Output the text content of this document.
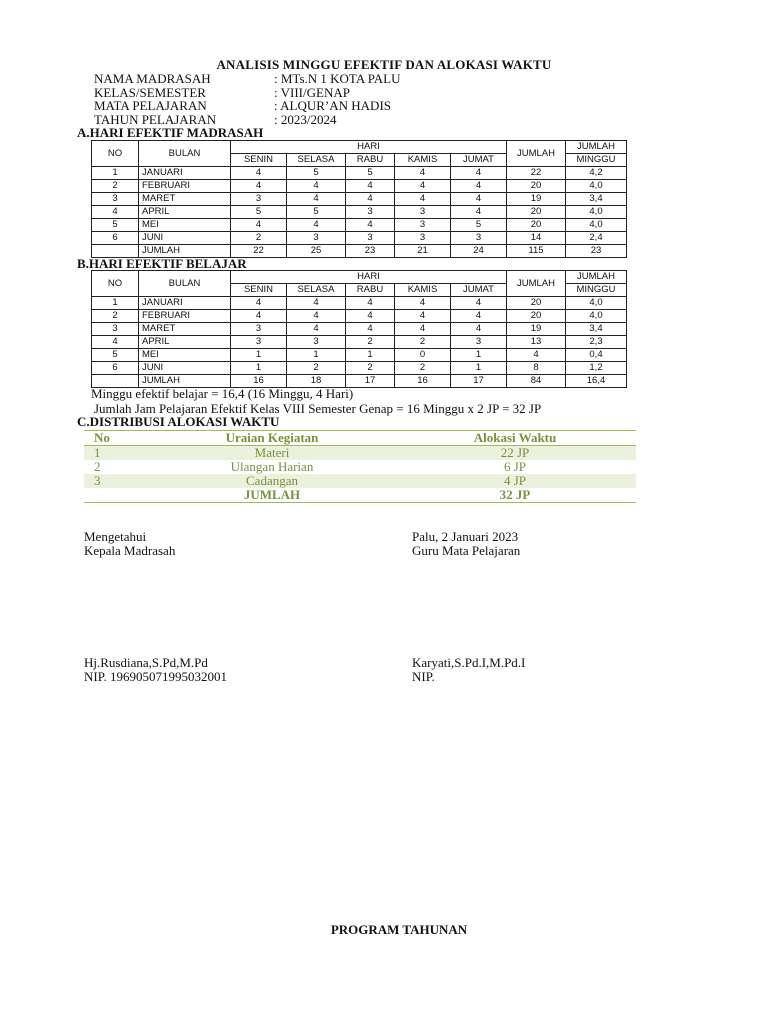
ANALISIS MINGGU EFEKTIF DAN ALOKASI WAKTU
NAMA MADRASAH	: MTs.N 1 KOTA PALU
KELAS/SEMESTER	: VIII/GENAP
MATA PELAJARAN	: ALQUR’AN HADIS
TAHUN PELAJARAN	: 2023/2024
A.HARI EFEKTIF MADRASAH
NO	BULAN	HARI					JUMLAH	JUMLAH
		SENIN	SELASA	RABU	KAMIS	JUMAT		MINGGU
1	JANUARI	4	5	5	4	4	22	4,2
2	FEBRUARI	4	4	4	4	4	20	4,0
3	MARET	3	4	4	4	4	19	3,4
4	APRIL	5	5	3	3	4	20	4,0
5	MEI	4	4	4	3	5	20	4,0
6	JUNI	2	3	3	3	3	14	2,4
	JUMLAH	22	25	23	21	24	115	23
B.HARI EFEKTIF BELAJAR
NO	BULAN	HARI					JUMLAH	JUMLAH
		SENIN	SELASA	RABU	KAMIS	JUMAT		MINGGU
1	JANUARI	4	4	4	4	4	20	4,0
2	FEBRUARI	4	4	4	4	4	20	4,0
3	MARET	3	4	4	4	4	19	3,4
4	APRIL	3	3	2	2	3	13	2,3
5	MEI	1	1	1	0	1	4	0,4
6	JUNI	1	2	2	2	1	8	1,2
	JUMLAH	16	18	17	16	17	84	16,4
Minggu efektif belajar = 16,4 (16 Minggu, 4 Hari)
Jumlah Jam Pelajaran Efektif Kelas VIII Semester Genap = 16 Minggu x 2 JP = 32 JP
C.DISTRIBUSI ALOKASI WAKTU
No	Uraian Kegiatan	Alokasi Waktu
1	Materi	22 JP
2	Ulangan Harian	6 JP
3	Cadangan	4 JP
	JUMLAH	32 JP
Mengetahui
Kepala Madrasah
Palu, 2 Januari 2023
Guru Mata Pelajaran
Hj.Rusdiana,S.Pd,M.Pd
NIP. 196905071995032001
Karyati,S.Pd.I,M.Pd.I
NIP.
PROGRAM TAHUNAN
